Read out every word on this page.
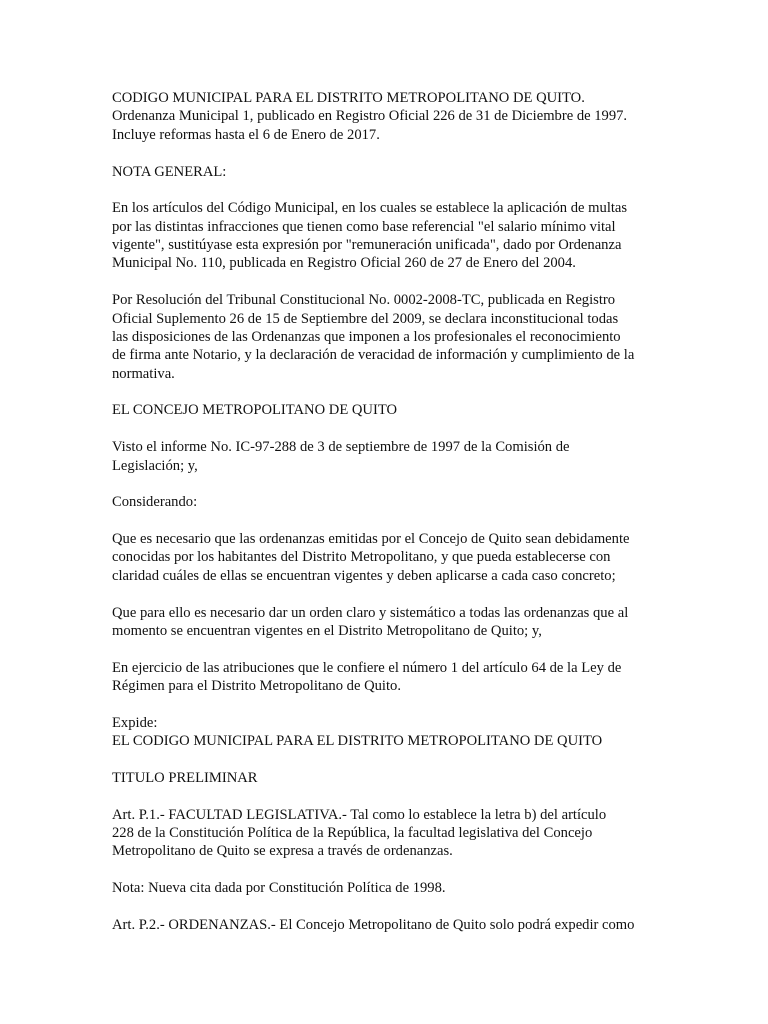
CODIGO MUNICIPAL PARA EL DISTRITO METROPOLITANO DE QUITO.
Ordenanza Municipal 1, publicado en Registro Oficial 226 de 31 de Diciembre de 1997.
Incluye reformas hasta el 6 de Enero de 2017.

NOTA GENERAL:

En los artículos del Código Municipal, en los cuales se establece la aplicación de multas
por las distintas infracciones que tienen como base referencial "el salario mínimo vital
vigente", sustitúyase esta expresión por "remuneración unificada", dado por Ordenanza
Municipal No. 110, publicada en Registro Oficial 260 de 27 de Enero del 2004.

Por Resolución del Tribunal Constitucional No. 0002-2008-TC, publicada en Registro
Oficial Suplemento 26 de 15 de Septiembre del 2009, se declara inconstitucional todas
las disposiciones de las Ordenanzas que imponen a los profesionales el reconocimiento
de firma ante Notario, y la declaración de veracidad de información y cumplimiento de la
normativa.

EL CONCEJO METROPOLITANO DE QUITO

Visto el informe No. IC-97-288 de 3 de septiembre de 1997 de la Comisión de
Legislación; y,

Considerando:

Que es necesario que las ordenanzas emitidas por el Concejo de Quito sean debidamente
conocidas por los habitantes del Distrito Metropolitano, y que pueda establecerse con
claridad cuáles de ellas se encuentran vigentes y deben aplicarse a cada caso concreto;

Que para ello es necesario dar un orden claro y sistemático a todas las ordenanzas que al
momento se encuentran vigentes en el Distrito Metropolitano de Quito; y,

En ejercicio de las atribuciones que le confiere el número 1 del artículo 64 de la Ley de
Régimen para el Distrito Metropolitano de Quito.

Expide:
EL CODIGO MUNICIPAL PARA EL DISTRITO METROPOLITANO DE QUITO

TITULO PRELIMINAR

Art. P.1.- FACULTAD LEGISLATIVA.- Tal como lo establece la letra b) del artículo
228 de la Constitución Política de la República, la facultad legislativa del Concejo
Metropolitano de Quito se expresa a través de ordenanzas.

Nota: Nueva cita dada por Constitución Política de 1998.

Art. P.2.- ORDENANZAS.- El Concejo Metropolitano de Quito solo podrá expedir como
